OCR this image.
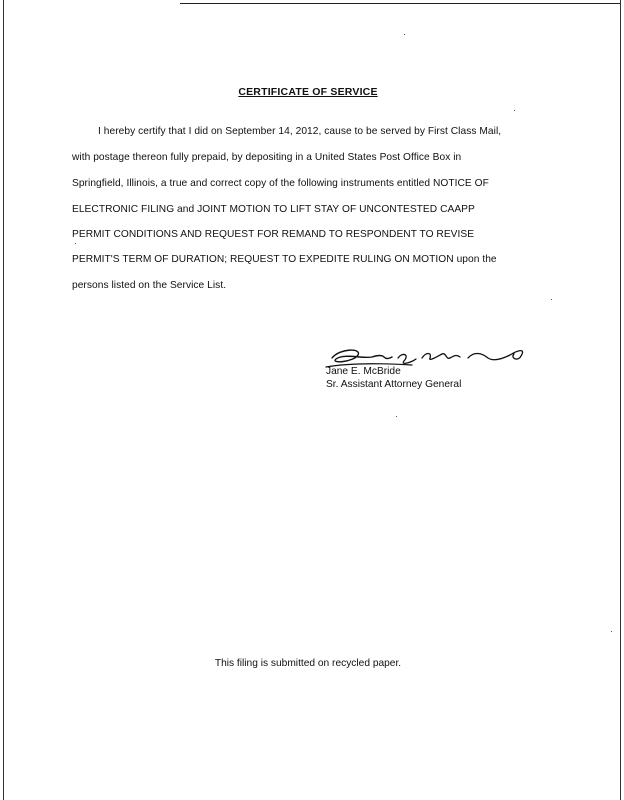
CERTIFICATE OF SERVICE
I hereby certify that I did on September 14, 2012, cause to be served by First Class Mail,
with postage thereon fully prepaid, by depositing in a United States Post Office Box in
Springfield, Illinois, a true and correct copy of the following instruments entitled NOTICE OF
ELECTRONIC FILING and JOINT MOTION TO LIFT STAY OF UNCONTESTED CAAPP
PERMIT CONDITIONS AND REQUEST FOR REMAND TO RESPONDENT TO REVISE
PERMIT'S TERM OF DURATION; REQUEST TO EXPEDITE RULING ON MOTION upon the
persons listed on the Service List.
Jane E. McBride
Jane E. McBride
Sr. Assistant Attorney General
This filing is submitted on recycled paper.
